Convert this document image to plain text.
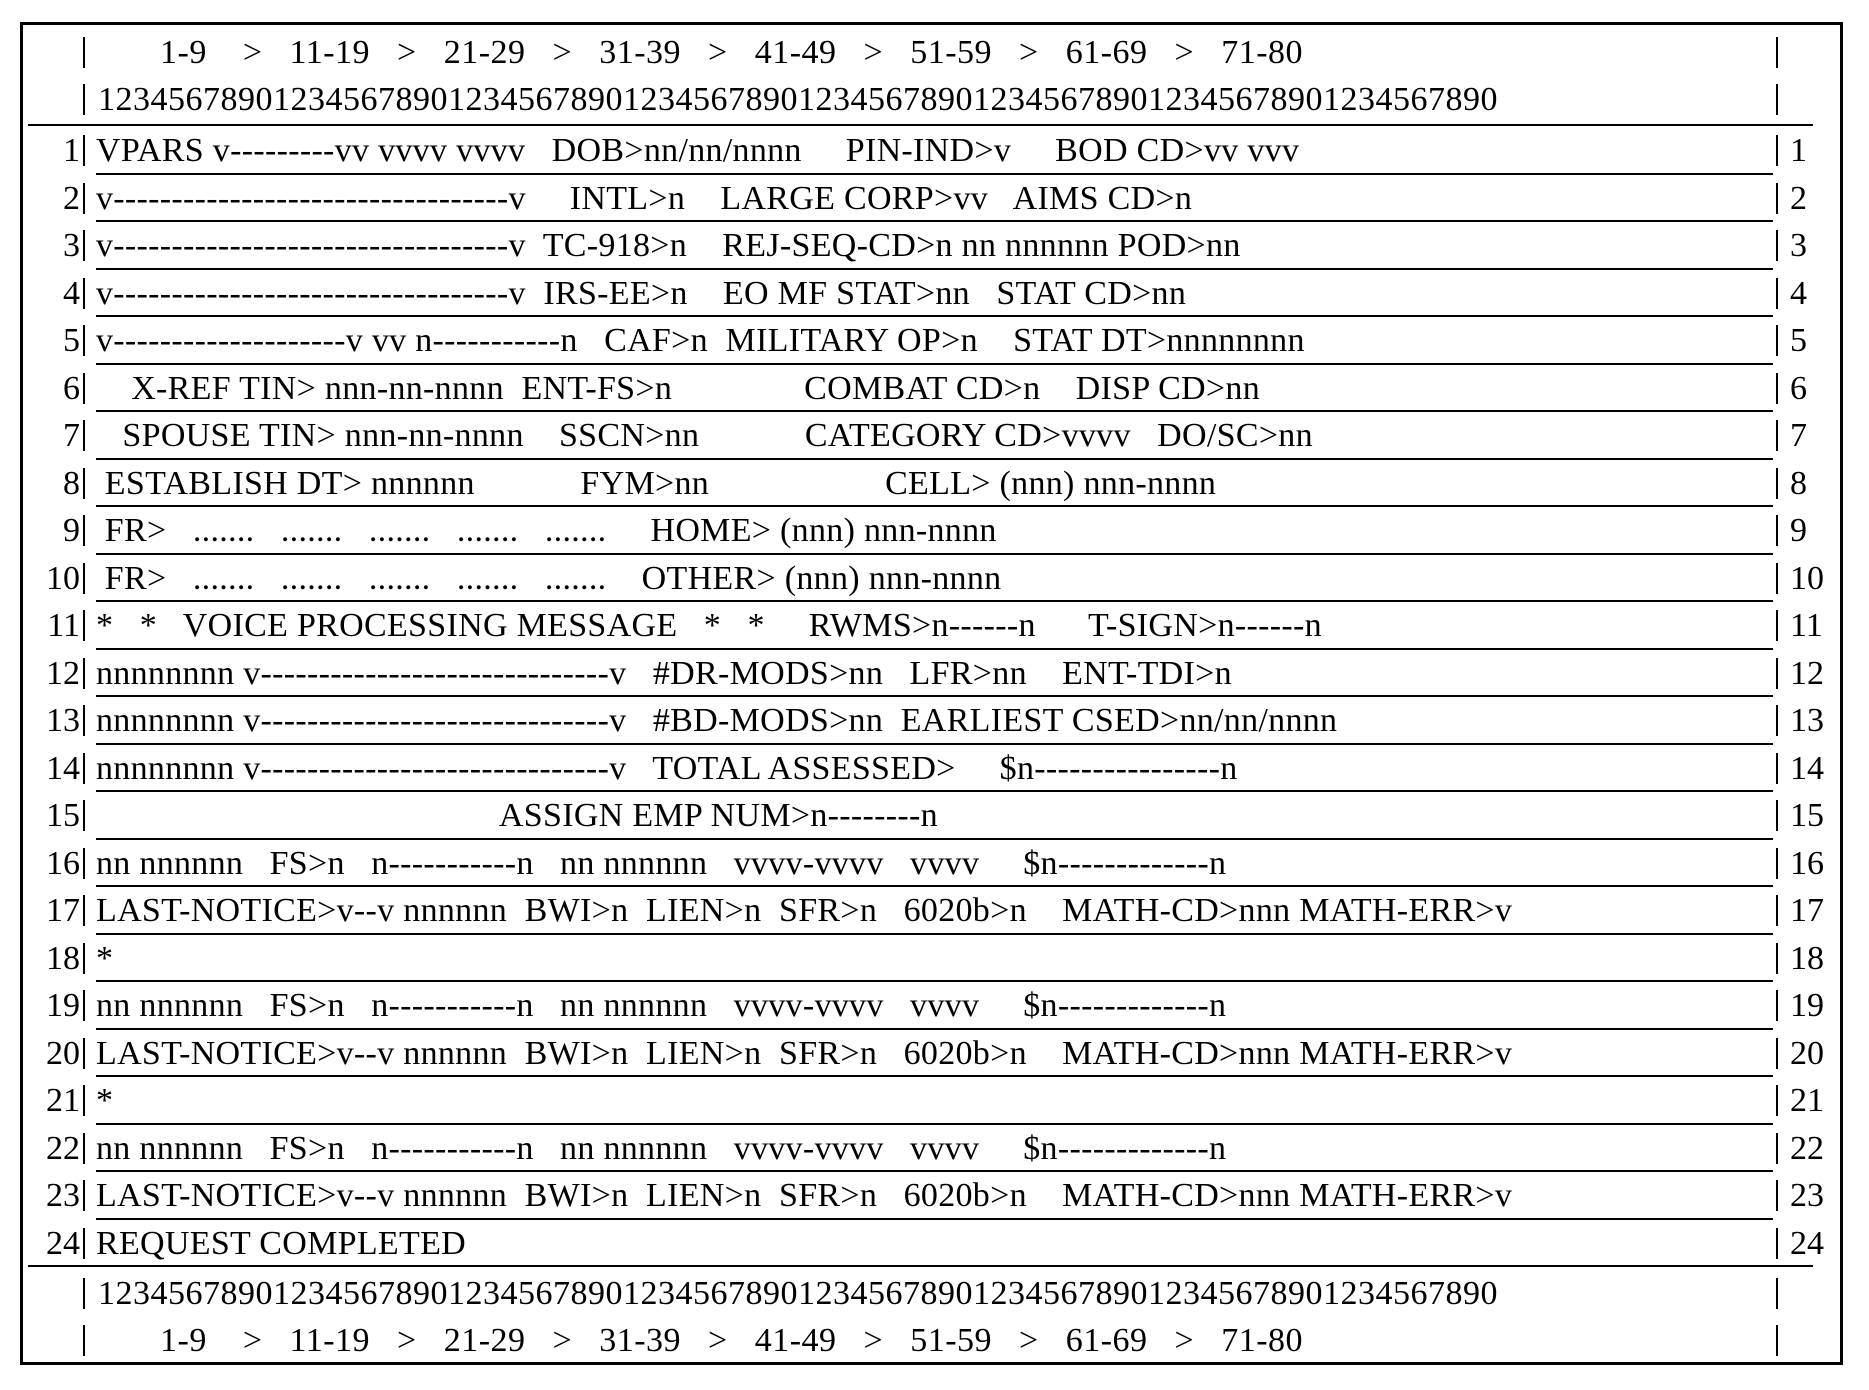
1-9    >   11-19   >   21-29   >   31-39   >   41-49   >   51-59   >   61-69   >   71-80
12345678901234567890123456789012345678901234567890123456789012345678901234567890
1 VPARS v---------vv vvvv vvvv   DOB>nn/nn/nnnn     PIN-IND>v     BOD CD>vv vvv	1
2 v----------------------------------v     INTL>n    LARGE CORP>vv   AIMS CD>n	2
3 v----------------------------------v  TC-918>n    REJ-SEQ-CD>n nn nnnnnn POD>nn	3
4 v----------------------------------v  IRS-EE>n    EO MF STAT>nn   STAT CD>nn	4
5 v--------------------v vv n-----------n   CAF>n  MILITARY OP>n    STAT DT>nnnnnnnn	5
6 X-REF TIN> nnn-nn-nnnn  ENT-FS>n               COMBAT CD>n    DISP CD>nn	6
7 SPOUSE TIN> nnn-nn-nnnn    SSCN>nn            CATEGORY CD>vvvv   DO/SC>nn	7
8 ESTABLISH DT> nnnnnn            FYM>nn                    CELL> (nnn) nnn-nnnn	8
9 FR>   .......   .......   .......   .......   .......     HOME> (nnn) nnn-nnnn	9
10 FR>   .......   .......   .......   .......   .......    OTHER> (nnn) nnn-nnnn	10
11 *   *   VOICE PROCESSING MESSAGE   *   *     RWMS>n------n      T-SIGN>n------n	11
12 nnnnnnnn v------------------------------v   #DR-MODS>nn   LFR>nn    ENT-TDI>n	12
13 nnnnnnnn v------------------------------v   #BD-MODS>nn  EARLIEST CSED>nn/nn/nnnn	13
14 nnnnnnnn v------------------------------v   TOTAL ASSESSED>     $n----------------n	14
15 ASSIGN EMP NUM>n--------n	15
16 nn nnnnnn   FS>n   n-----------n   nn nnnnnn   vvvv-vvvv   vvvv     $n-------------n	16
17 LAST-NOTICE>v--v nnnnnn  BWI>n  LIEN>n  SFR>n   6020b>n    MATH-CD>nnn MATH-ERR>v	17
18 *	18
19 nn nnnnnn   FS>n   n-----------n   nn nnnnnn   vvvv-vvvv   vvvv     $n-------------n	19
20 LAST-NOTICE>v--v nnnnnn  BWI>n  LIEN>n  SFR>n   6020b>n    MATH-CD>nnn MATH-ERR>v	20
21 *	21
22 nn nnnnnn   FS>n   n-----------n   nn nnnnnn   vvvv-vvvv   vvvv     $n-------------n	22
23 LAST-NOTICE>v--v nnnnnn  BWI>n  LIEN>n  SFR>n   6020b>n    MATH-CD>nnn MATH-ERR>v	23
24 REQUEST COMPLETED	24
12345678901234567890123456789012345678901234567890123456789012345678901234567890
1-9    >   11-19   >   21-29   >   31-39   >   41-49   >   51-59   >   61-69   >   71-80
